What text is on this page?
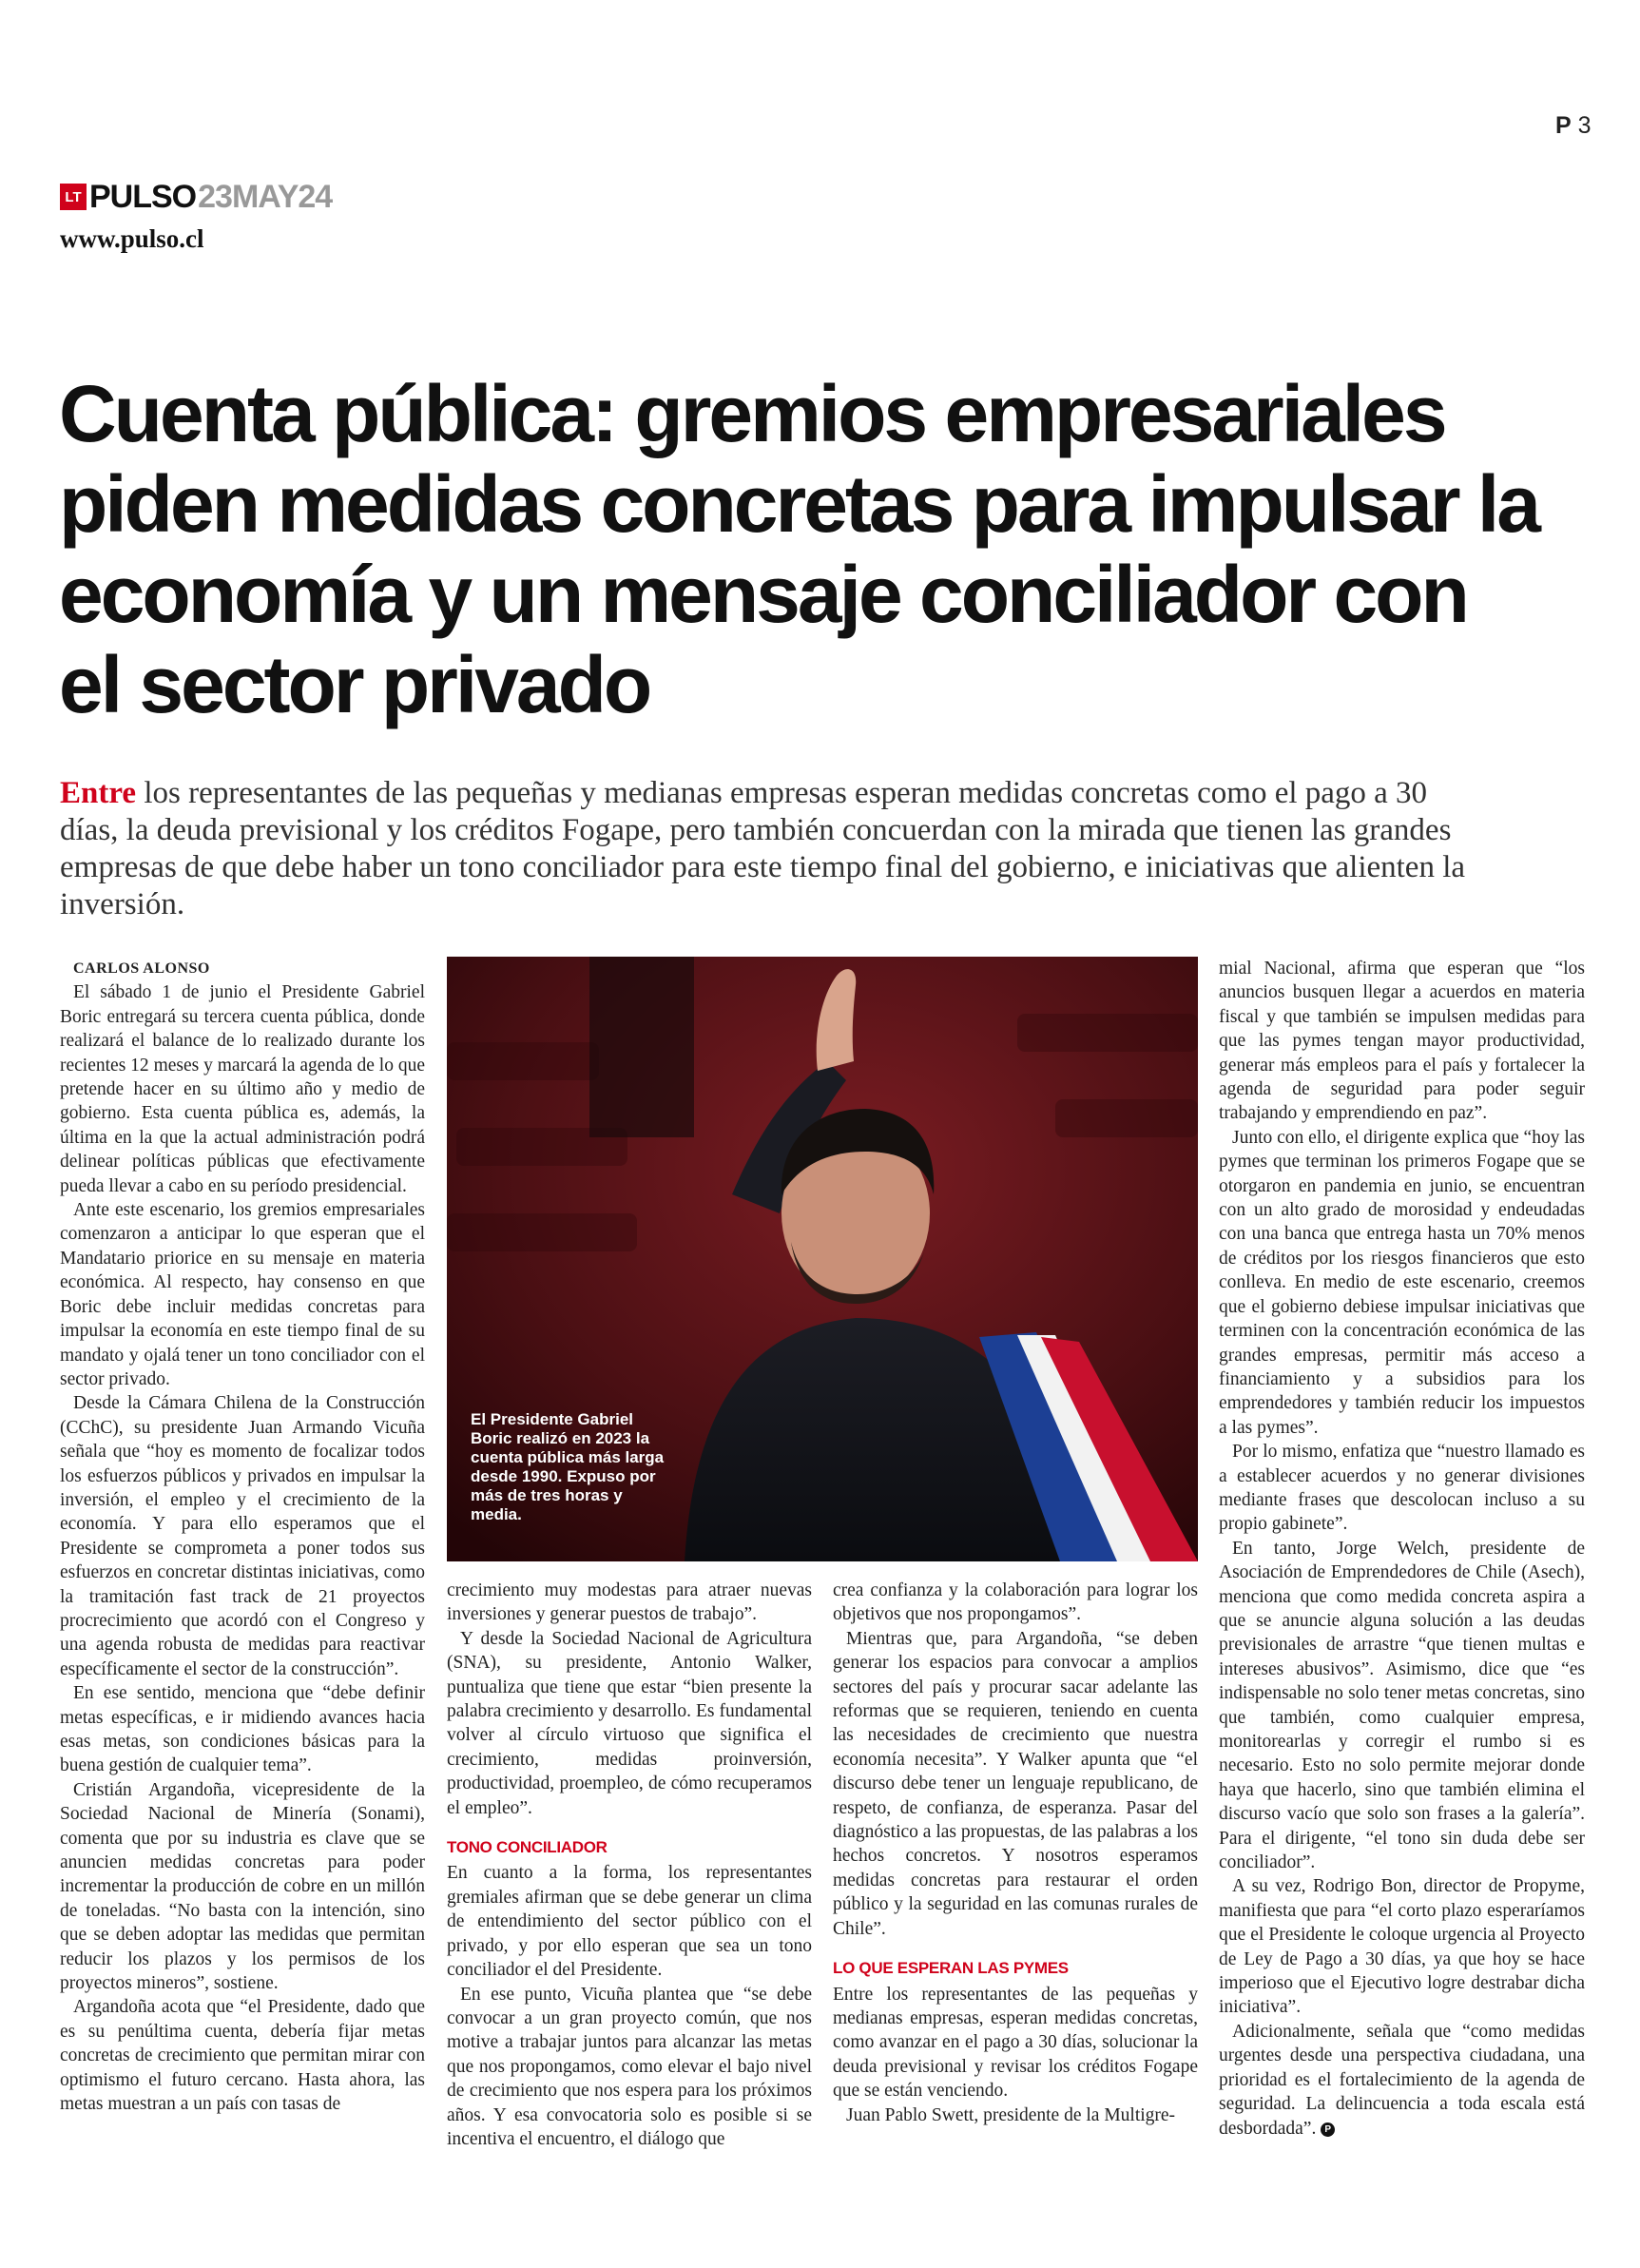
P 3
LT PULSO 23MAY24
www.pulso.cl
Cuenta pública: gremios empresariales piden medidas concretas para impulsar la economía y un mensaje conciliador con el sector privado

Entre los representantes de las pequeñas y medianas empresas esperan medidas concretas como el pago a 30 días, la deuda previsional y los créditos Fogape, pero también concuerdan con la mirada que tienen las grandes empresas de que debe haber un tono conciliador para este tiempo final del gobierno, e iniciativas que alienten la inversión.

CARLOS ALONSO

El sábado 1 de junio el Presidente Gabriel Boric entregará su tercera cuenta pública, donde realizará el balance de lo realizado durante los recientes 12 meses y marcará la agenda de lo que pretende hacer en su último año y medio de gobierno. Esta cuenta pública es, además, la última en la que la actual administración podrá delinear políticas públicas que efectivamente pueda llevar a cabo en su período presidencial.

Ante este escenario, los gremios empresariales comenzaron a anticipar lo que esperan que el Mandatario priorice en su mensaje en materia económica. Al respecto, hay consenso en que Boric debe incluir medidas concretas para impulsar la economía en este tiempo final de su mandato y ojalá tener un tono conciliador con el sector privado.

Desde la Cámara Chilena de la Construcción (CChC), su presidente Juan Armando Vicuña señala que “hoy es momento de focalizar todos los esfuerzos públicos y privados en impulsar la inversión, el empleo y el crecimiento de la economía. Y para ello esperamos que el Presidente se comprometa a poner todos sus esfuerzos en concretar distintas iniciativas, como la tramitación fast track de 21 proyectos procrecimiento que acordó con el Congreso y una agenda robusta de medidas para reactivar específicamente el sector de la construcción”.

En ese sentido, menciona que “debe definir metas específicas, e ir midiendo avances hacia esas metas, son condiciones básicas para la buena gestión de cualquier tema”.

Cristián Argandoña, vicepresidente de la Sociedad Nacional de Minería (Sonami), comenta que por su industria es clave que se anuncien medidas concretas para poder incrementar la producción de cobre en un millón de toneladas. “No basta con la intención, sino que se deben adoptar las medidas que permitan reducir los plazos y los permisos de los proyectos mineros”, sostiene.

Argandoña acota que “el Presidente, dado que es su penúltima cuenta, debería fijar metas concretas de crecimiento que permitan mirar con optimismo el futuro cercano. Hasta ahora, las metas muestran a un país con tasas de

El Presidente Gabriel Boric realizó en 2023 la cuenta pública más larga desde 1990. Expuso por más de tres horas y media.

crecimiento muy modestas para atraer nuevas inversiones y generar puestos de trabajo”.

Y desde la Sociedad Nacional de Agricultura (SNA), su presidente, Antonio Walker, puntualiza que tiene que estar “bien presente la palabra crecimiento y desarrollo. Es fundamental volver al círculo virtuoso que significa el crecimiento, medidas proinversión, productividad, proempleo, de cómo recuperamos el empleo”.

TONO CONCILIADOR

En cuanto a la forma, los representantes gremiales afirman que se debe generar un clima de entendimiento del sector público con el privado, y por ello esperan que sea un tono conciliador el del Presidente.

En ese punto, Vicuña plantea que “se debe convocar a un gran proyecto común, que nos motive a trabajar juntos para alcanzar las metas que nos propongamos, como elevar el bajo nivel de crecimiento que nos espera para los próximos años. Y esa convocatoria solo es posible si se incentiva el encuentro, el diálogo que

crea confianza y la colaboración para lograr los objetivos que nos propongamos”.

Mientras que, para Argandoña, “se deben generar los espacios para convocar a amplios sectores del país y procurar sacar adelante las reformas que se requieren, teniendo en cuenta las necesidades de crecimiento que nuestra economía necesita”. Y Walker apunta que “el discurso debe tener un lenguaje republicano, de respeto, de confianza, de esperanza. Pasar del diagnóstico a las propuestas, de las palabras a los hechos concretos. Y nosotros esperamos medidas concretas para restaurar el orden público y la seguridad en las comunas rurales de Chile”.

LO QUE ESPERAN LAS PYMES

Entre los representantes de las pequeñas y medianas empresas, esperan medidas concretas, como avanzar en el pago a 30 días, solucionar la deuda previsional y revisar los créditos Fogape que se están venciendo.

Juan Pablo Swett, presidente de la Multigre-

mial Nacional, afirma que esperan que “los anuncios busquen llegar a acuerdos en materia fiscal y que también se impulsen medidas para que las pymes tengan mayor productividad, generar más empleos para el país y fortalecer la agenda de seguridad para poder seguir trabajando y emprendiendo en paz”.

Junto con ello, el dirigente explica que “hoy las pymes que terminan los primeros Fogape que se otorgaron en pandemia en junio, se encuentran con un alto grado de morosidad y endeudadas con una banca que entrega hasta un 70% menos de créditos por los riesgos financieros que esto conlleva. En medio de este escenario, creemos que el gobierno debiese impulsar iniciativas que terminen con la concentración económica de las grandes empresas, permitir más acceso a financiamiento y a subsidios para los emprendedores y también reducir los impuestos a las pymes”.

Por lo mismo, enfatiza que “nuestro llamado es a establecer acuerdos y no generar divisiones mediante frases que descolocan incluso a su propio gabinete”.

En tanto, Jorge Welch, presidente de Asociación de Emprendedores de Chile (Asech), menciona que como medida concreta aspira a que se anuncie alguna solución a las deudas previsionales de arrastre “que tienen multas e intereses abusivos”. Asimismo, dice que “es indispensable no solo tener metas concretas, sino que también, como cualquier empresa, monitorearlas y corregir el rumbo si es necesario. Esto no solo permite mejorar donde haya que hacerlo, sino que también elimina el discurso vacío que solo son frases a la galería”. Para el dirigente, “el tono sin duda debe ser conciliador”.

A su vez, Rodrigo Bon, director de Propyme, manifiesta que para “el corto plazo esperaríamos que el Presidente le coloque urgencia al Proyecto de Ley de Pago a 30 días, ya que hoy se hace imperioso que el Ejecutivo logre destrabar dicha iniciativa”.

Adicionalmente, señala que “como medidas urgentes desde una perspectiva ciudadana, una prioridad es el fortalecimiento de la agenda de seguridad. La delincuencia a toda escala está desbordada”. P
